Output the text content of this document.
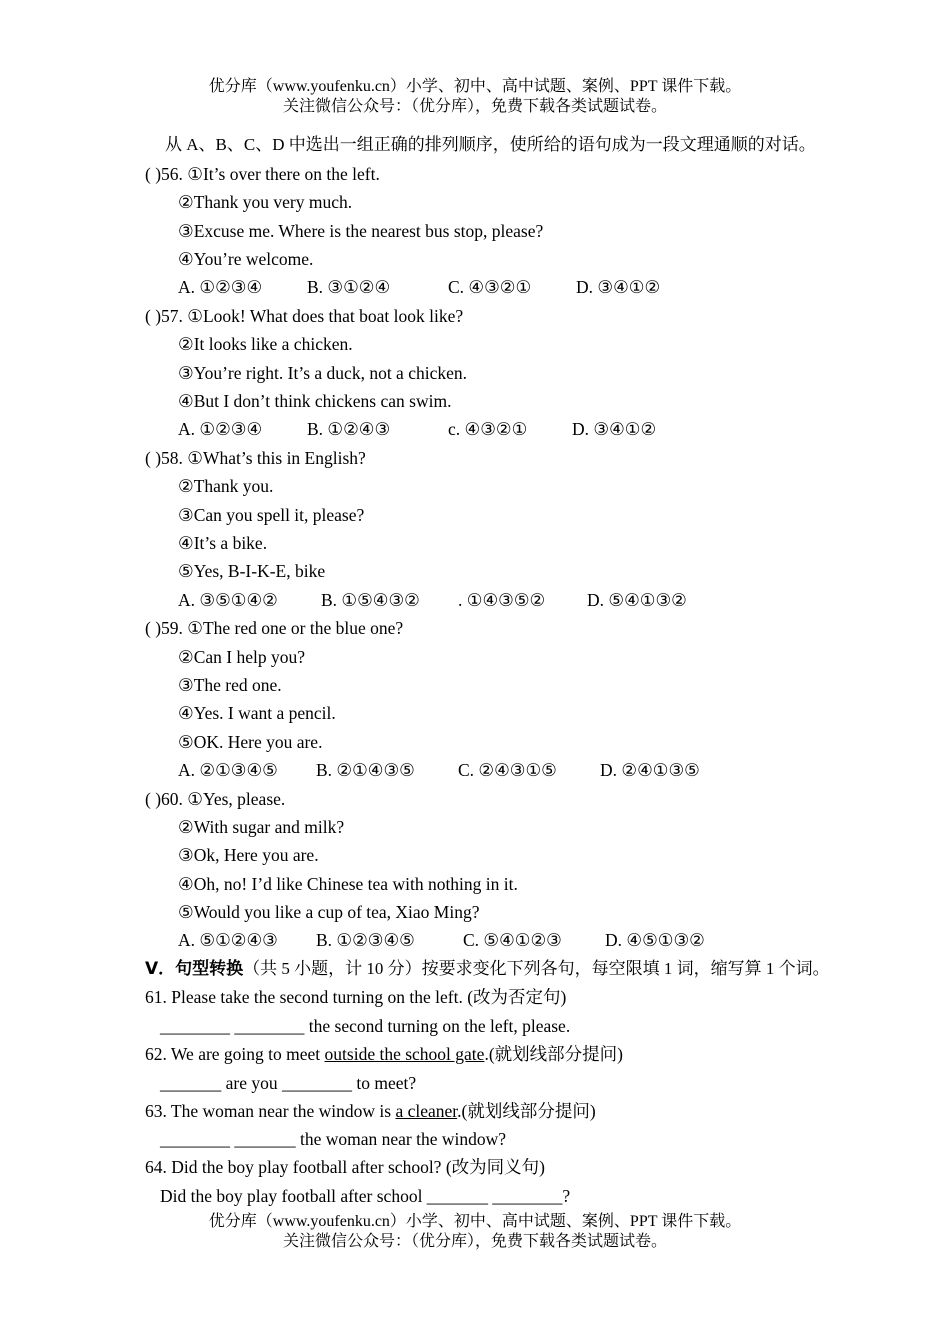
优分库（www.youfenku.cn）小学、初中、高中试题、案例、PPT 课件下载。
关注微信公众号：（优分库），免费下载各类试题试卷。
从 A、B、C、D 中选出一组正确的排列顺序，使所给的语句成为一段文理通顺的对话。
( )56. ①It’s over there on the left.
②Thank you very much.
③Excuse me. Where is the nearest bus stop, please?
④You’re welcome.
A. ①②③④	B. ③①②④	C. ④③②①	D. ③④①②
( )57. ①Look! What does that boat look like?
②It looks like a chicken.
③You’re right. It’s a duck, not a chicken.
④But I don’t think chickens can swim.
A. ①②③④	B. ①②④③	c. ④③②①	D. ③④①②
( )58. ①What’s this in English?
②Thank you.
③Can you spell it, please?
④It’s a bike.
⑤Yes, B-I-K-E, bike
A. ③⑤①④② B. ①⑤④③② . ①④③⑤② D. ⑤④①③②
( )59. ①The red one or the blue one?
②Can I help you?
③The red one.
④Yes. I want a pencil.
⑤OK. Here you are.
A. ②①③④⑤ B. ②①④③⑤ C. ②④③①⑤ D. ②④①③⑤
( )60. ①Yes, please.
②With sugar and milk?
③Ok, Here you are.
④Oh, no! I’d like Chinese tea with nothing in it.
⑤Would you like a cup of tea, Xiao Ming?
A. ⑤①②④③ B. ①②③④⑤	C. ⑤④①②③ D. ④⑤①③②
V．句型转换（共 5 小题，计 10 分）按要求变化下列各句，每空限填 1 词，缩写算 1 个词。
61. Please take the second turning on the left. (改为否定句)
________ ________ the second turning on the left, please.
62. We are going to meet outside the school gate.(就划线部分提问)
_______ are you ________ to meet?
63. The woman near the window is a cleaner.(就划线部分提问)
________ _______ the woman near the window?
64. Did the boy play football after school? (改为同义句)
Did the boy play football after school _______ ________?
优分库（www.youfenku.cn）小学、初中、高中试题、案例、PPT 课件下载。
关注微信公众号：（优分库），免费下载各类试题试卷。
